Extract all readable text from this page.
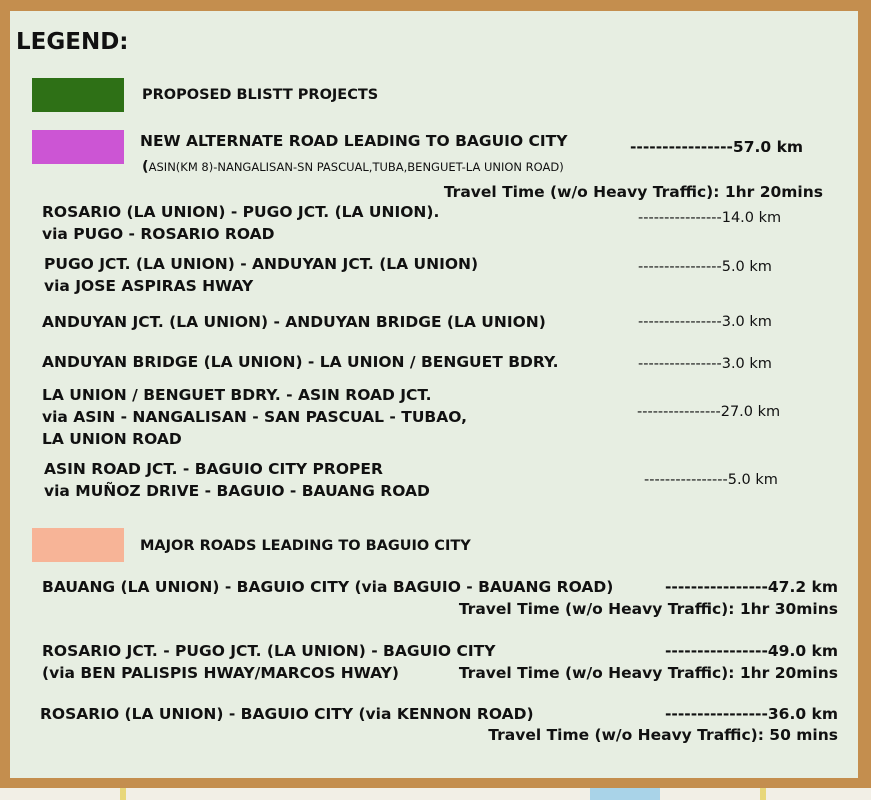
LEGEND:
PROPOSED BLISTT PROJECTS
NEW ALTERNATE ROAD LEADING TO BAGUIO CITY
(ASIN(KM 8)-NANGALISAN-SN PASCUAL,TUBA,BENGUET-LA UNION ROAD)
----------------57.0 km
Travel Time (w/o Heavy Traffic): 1hr 20mins
ROSARIO (LA UNION) - PUGO JCT. (LA UNION).
via PUGO - ROSARIO ROAD
----------------14.0 km
PUGO JCT. (LA UNION) - ANDUYAN JCT. (LA UNION)
via JOSE ASPIRAS HWAY
----------------5.0 km
ANDUYAN JCT. (LA UNION) - ANDUYAN BRIDGE (LA UNION)	----------------3.0 km
ANDUYAN BRIDGE (LA UNION) - LA UNION / BENGUET BDRY.	----------------3.0 km
LA UNION / BENGUET BDRY. - ASIN ROAD JCT.
via ASIN - NANGALISAN - SAN PASCUAL - TUBAO,
LA UNION ROAD
----------------27.0 km
ASIN ROAD JCT. - BAGUIO CITY PROPER
via MUÑOZ DRIVE - BAGUIO - BAUANG ROAD
----------------5.0 km
MAJOR ROADS LEADING TO BAGUIO CITY
BAUANG (LA UNION) - BAGUIO CITY (via BAGUIO - BAUANG ROAD)	----------------47.2 km
Travel Time (w/o Heavy Traffic): 1hr 30mins
ROSARIO JCT. - PUGO JCT. (LA UNION) - BAGUIO CITY
(via BEN PALISPIS HWAY/MARCOS HWAY)
----------------49.0 km
Travel Time (w/o Heavy Traffic): 1hr 20mins
ROSARIO (LA UNION) - BAGUIO CITY (via KENNON ROAD)	----------------36.0 km
Travel Time (w/o Heavy Traffic): 50 mins
